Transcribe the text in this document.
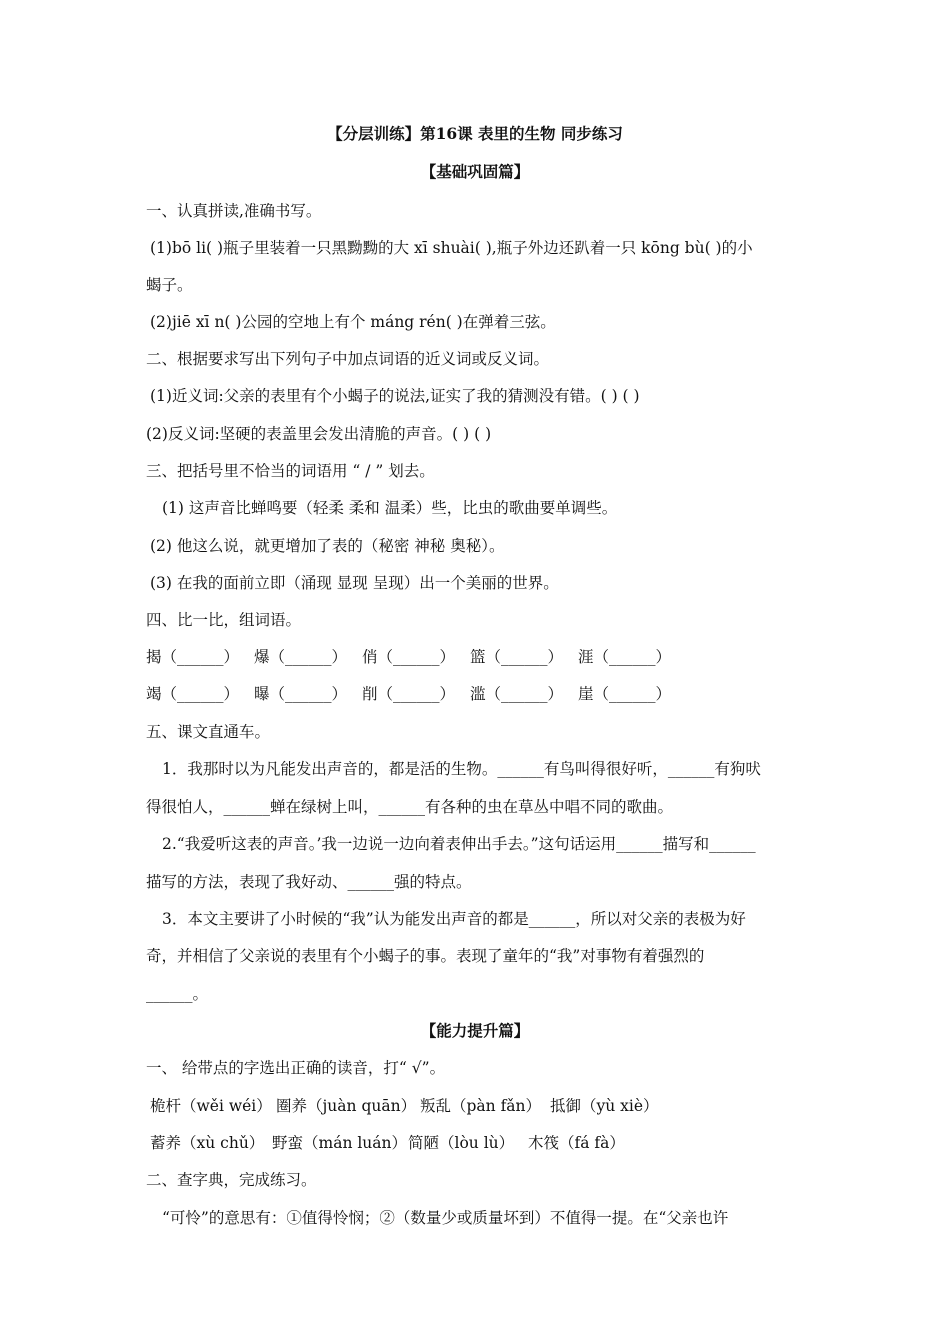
【分层训练】第16课 表里的生物 同步练习
【基础巩固篇】
一、认真拼读,准确书写。
(1)bō li( )瓶子里装着一只黑黝黝的大 xī shuài( ),瓶子外边还趴着一只 kōng bù( )的小
蝎子。
(2)jiē xī n( )公园的空地上有个 máng rén( )在弹着三弦。
二、根据要求写出下列句子中加点词语的近义词或反义词。
(1)近义词:父亲的表里有个小蝎子的说法,证实了我的猜测没有错。( ) ( )
(2)反义词:坚硬的表盖里会发出清脆的声音。( ) ( )
三、把括号里不恰当的词语用 “ / ” 划去。
(1) 这声音比蝉鸣要（轻柔 柔和 温柔）些，比虫的歌曲要单调些。
(2) 他这么说，就更增加了表的（秘密 神秘 奥秘）。
(3) 在我的面前立即（涌现 显现 呈现）出一个美丽的世界。
四、比一比，组词语。
揭（______） 爆（______） 俏（______） 篮（______） 涯（______）
竭（______） 曝（______） 削（______） 滥（______） 崖（______）
五、课文直通车。
1．我那时以为凡能发出声音的，都是活的生物。______有鸟叫得很好听，______有狗吠
得很怕人，______蝉在绿树上叫，______有各种的虫在草丛中唱不同的歌曲。
2.“我爱听这表的声音。’我一边说一边向着表伸出手去。”这句话运用______描写和______
描写的方法，表现了我好动、______强的特点。
3．本文主要讲了小时候的“我”认为能发出声音的都是______，所以对父亲的表极为好
奇，并相信了父亲说的表里有个小蝎子的事。表现了童年的“我”对事物有着强烈的
______。
【能力提升篇】
一、 给带点的字选出正确的读音，打“ √”。
桅杆（wěi wéi） 圈养（juàn quān） 叛乱（pàn fǎn） 抵御（yù xiè）
蓄养（xù chǔ） 野蛮（mán luán） 简陋（lòu lù） 木筏（fá fà）
二、查字典，完成练习。
“可怜”的意思有：①值得怜悯；②（数量少或质量坏到）不值得一提。在“父亲也许
